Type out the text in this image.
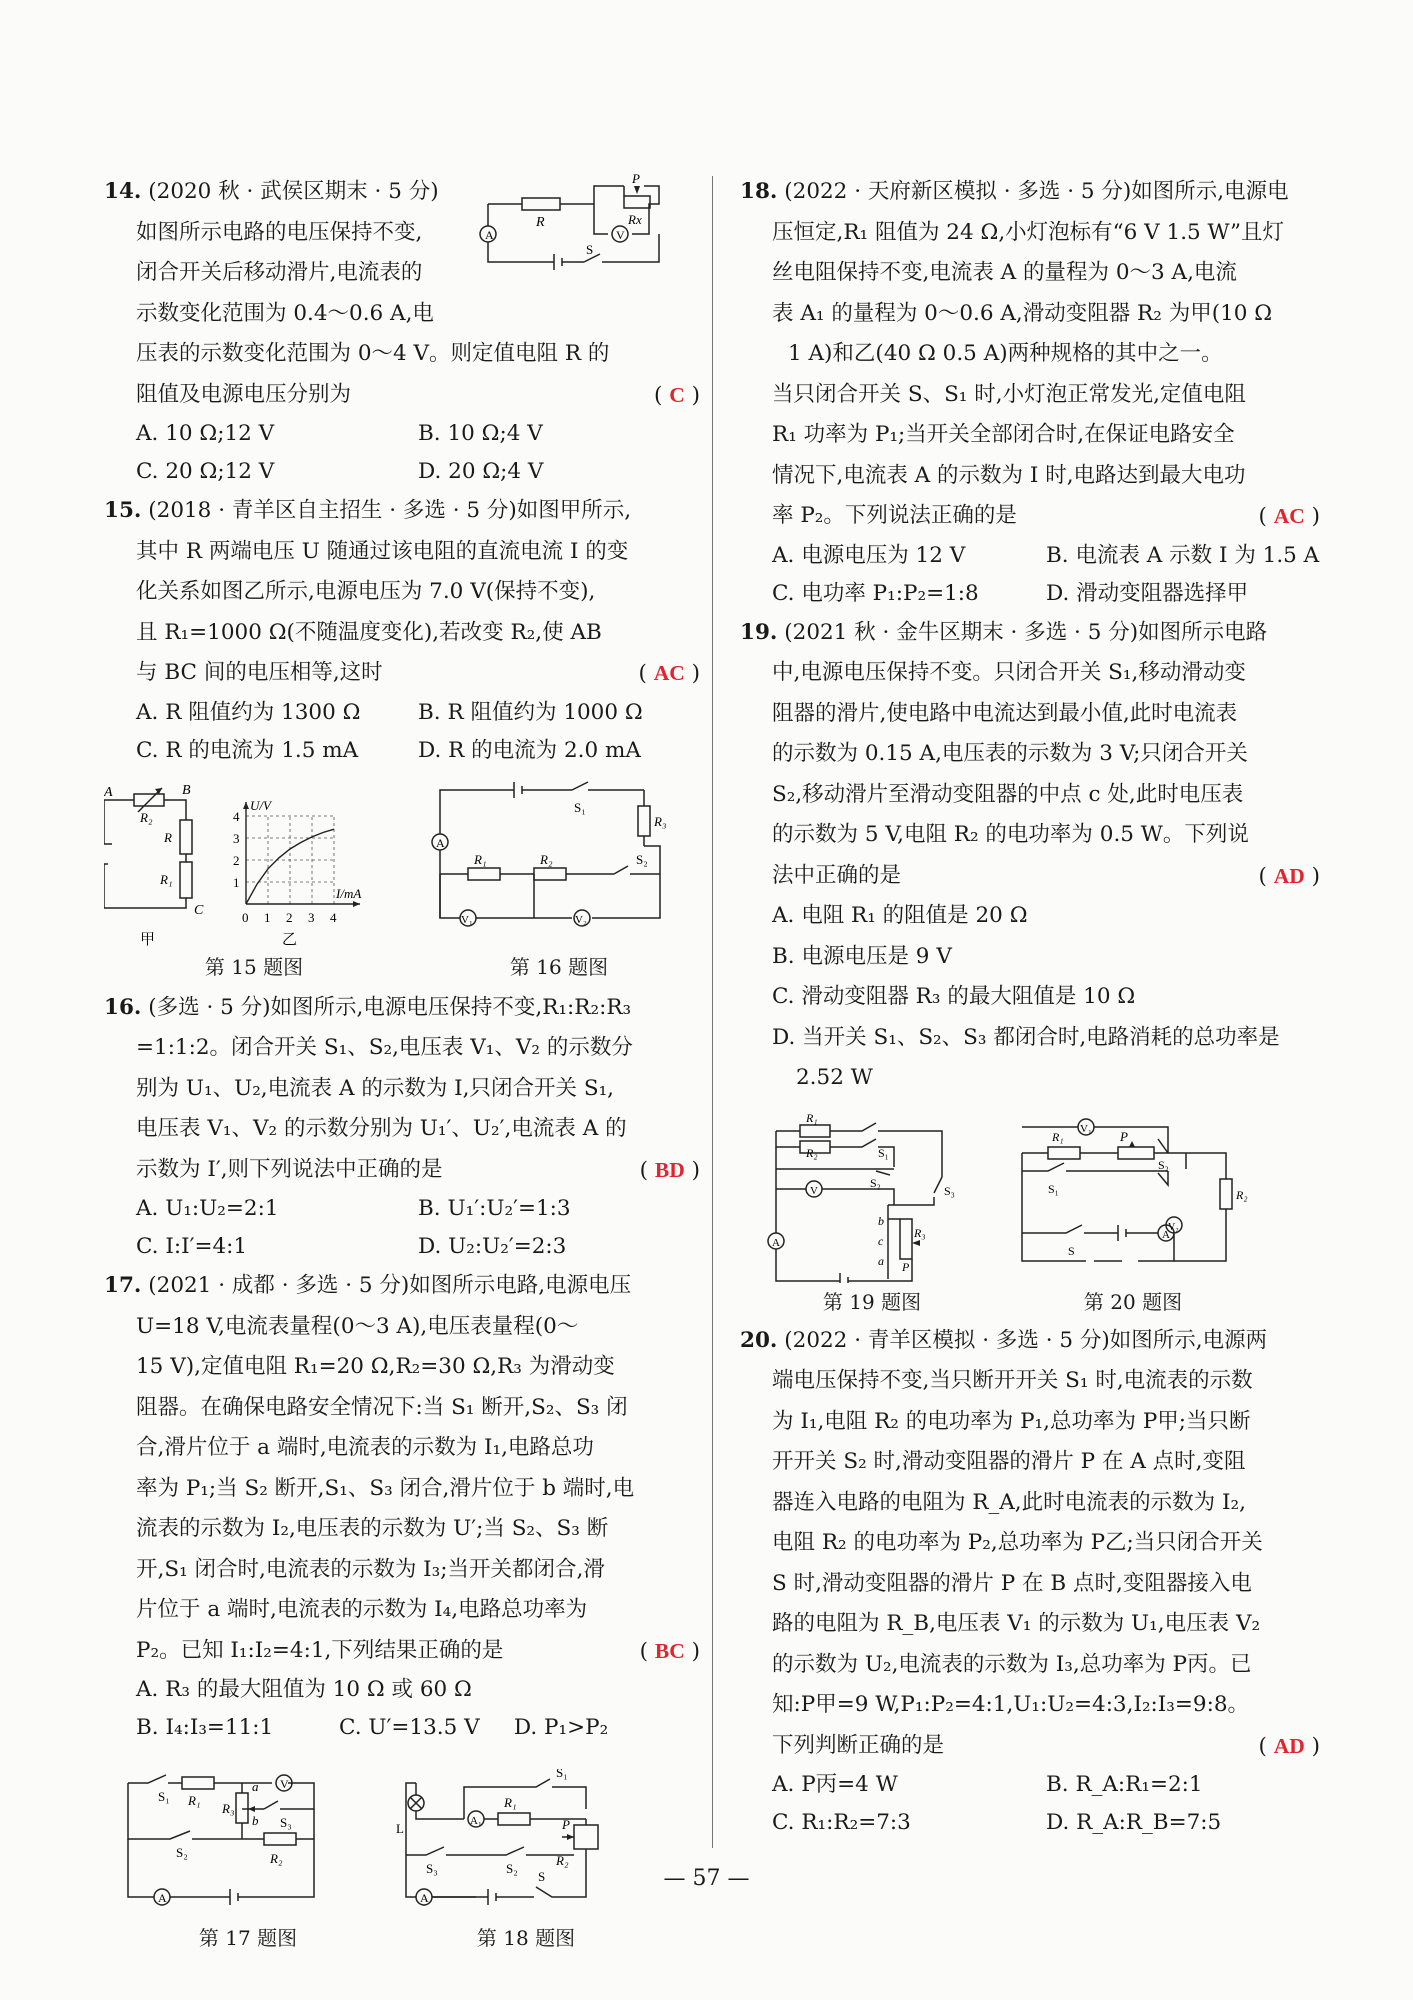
14. (2020 秋 · 武侯区期末 · 5 分)
如图所示电路的电压保持不变,
闭合开关后移动滑片,电流表的
示数变化范围为 0.4～0.6 A,电
压表的示数变化范围为 0～4 V。则定值电阻 R 的
阻值及电源电压分别为	( C )
A. 10 Ω;12 V	B. 10 Ω;4 V
C. 20 Ω;12 V	D. 20 Ω;4 V
A	V
R	Rx
P
S
15. (2018 · 青羊区自主招生 · 多选 · 5 分)如图甲所示,
其中 R 两端电压 U 随通过该电阻的直流电流 I 的变
化关系如图乙所示,电源电压为 7.0 V(保持不变),
且 R₁=1000 Ω(不随温度变化),若改变 R₂,使 AB
与 BC 间的电压相等,这时	( AC )
A. R 阻值约为 1300 Ω	B. R 阻值约为 1000 Ω
C. R 的电流为 1.5 mA	D. R 的电流为 2.0 mA
A	B
C
R₂
R
R₁
甲
0 1 2 3 4
1
2
3
4
I/mA
U/V
乙
第 15 题图
A
V₁	V₂
S₁
R₃
S₂
R₁	R₂
第 16 题图
16. (多选 · 5 分)如图所示,电源电压保持不变,R₁:R₂:R₃
=1:1:2。闭合开关 S₁、S₂,电压表 V₁、V₂ 的示数分
别为 U₁、U₂,电流表 A 的示数为 I,只闭合开关 S₁,
电压表 V₁、V₂ 的示数分别为 U₁′、U₂′,电流表 A 的
示数为 I′,则下列说法中正确的是	( BD )
A. U₁:U₂=2:1	B. U₁′:U₂′=1:3
C. I:I′=4:1	D. U₂:U₂′=2:3
17. (2021 · 成都 · 多选 · 5 分)如图所示电路,电源电压
U=18 V,电流表量程(0～3 A),电压表量程(0～
15 V),定值电阻 R₁=20 Ω,R₂=30 Ω,R₃ 为滑动变
阻器。在确保电路安全情况下:当 S₁ 断开,S₂、S₃ 闭
合,滑片位于 a 端时,电流表的示数为 I₁,电路总功
率为 P₁;当 S₂ 断开,S₁、S₃ 闭合,滑片位于 b 端时,电
流表的示数为 I₂,电压表的示数为 U′;当 S₂、S₃ 断
开,S₁ 闭合时,电流表的示数为 I₃;当开关都闭合,滑
片位于 a 端时,电流表的示数为 I₄,电路总功率为
P₂。已知 I₁:I₂=4:1,下列结果正确的是	( BC )
A. R₃ 的最大阻值为 10 Ω 或 60 Ω
B. I₄:I₃=11:1	C. U′=13.5 V	D. P₁>P₂
S₁ R₁
R₃
a
b S₃
S₂	R₂
V
A
第 17 题图
L	A₁
R₁
S₁
S₃	S₂
P
R₂
A
S
第 18 题图
18. (2022 · 天府新区模拟 · 多选 · 5 分)如图所示,电源电
压恒定,R₁ 阻值为 24 Ω,小灯泡标有“6 V 1.5 W”且灯
丝电阻保持不变,电流表 A 的量程为 0～3 A,电流
表 A₁ 的量程为 0～0.6 A,滑动变阻器 R₂ 为甲(10 Ω
1 A)和乙(40 Ω 0.5 A)两种规格的其中之一。
当只闭合开关 S、S₁ 时,小灯泡正常发光,定值电阻
R₁ 功率为 P₁;当开关全部闭合时,在保证电路安全
情况下,电流表 A 的示数为 I 时,电路达到最大电功
率 P₂。下列说法正确的是	( AC )
A. 电源电压为 12 V	B. 电流表 A 示数 I 为 1.5 A
C. 电功率 P₁:P₂=1:8	D. 滑动变阻器选择甲
19. (2021 秋 · 金牛区期末 · 多选 · 5 分)如图所示电路
中,电源电压保持不变。只闭合开关 S₁,移动滑动变
阻器的滑片,使电路中电流达到最小值,此时电流表
的示数为 0.15 A,电压表的示数为 3 V;只闭合开关
S₂,移动滑片至滑动变阻器的中点 c 处,此时电压表
的示数为 5 V,电阻 R₂ 的电功率为 0.5 W。下列说
法中正确的是	( AD )
A. 电阻 R₁ 的阻值是 20 Ω
B. 电源电压是 9 V
C. 滑动变阻器 R₃ 的最大阻值是 10 Ω
D. 当开关 S₁、S₂、S₃ 都闭合时,电路消耗的总功率是
2.52 W
R₁
R₂	S₁
S₂
S₃
V
A
b
c
a
R₃
P
第 19 题图
V₁
R₁	P
S₁
S₂
R₂
V₂
S
A
第 20 题图
20. (2022 · 青羊区模拟 · 多选 · 5 分)如图所示,电源两
端电压保持不变,当只断开开关 S₁ 时,电流表的示数
为 I₁,电阻 R₂ 的电功率为 P₁,总功率为 P甲;当只断
开开关 S₂ 时,滑动变阻器的滑片 P 在 A 点时,变阻
器连入电路的电阻为 R_A,此时电流表的示数为 I₂,
电阻 R₂ 的电功率为 P₂,总功率为 P乙;当只闭合开关
S 时,滑动变阻器的滑片 P 在 B 点时,变阻器接入电
路的电阻为 R_B,电压表 V₁ 的示数为 U₁,电压表 V₂
的示数为 U₂,电流表的示数为 I₃,总功率为 P丙。已
知:P甲=9 W,P₁:P₂=4:1,U₁:U₂=4:3,I₂:I₃=9:8。
下列判断正确的是	( AD )
A. P丙=4 W	B. R_A:R₁=2:1
C. R₁:R₂=7:3	D. R_A:R_B=7:5
— 57 —
